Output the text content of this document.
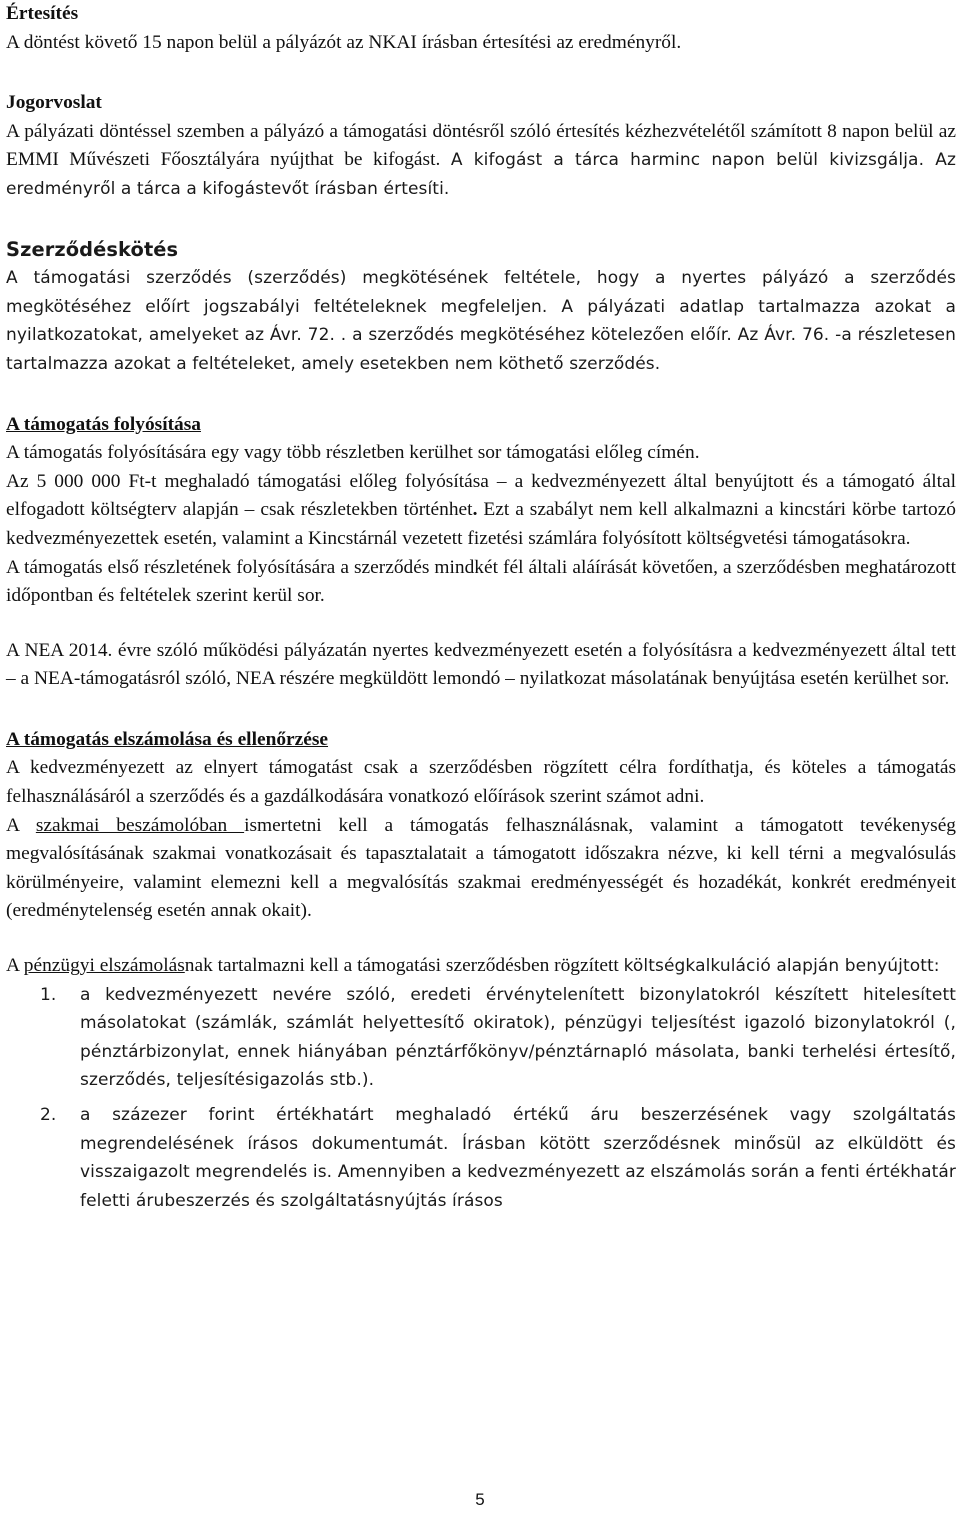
Értesítés

A döntést követő 15 napon belül a pályázót az NKAI írásban értesítési az eredményről.

Jogorvoslat

A pályázati döntéssel szemben a pályázó a támogatási döntésről szóló értesítés kézhezvételétől számított 8 napon belül az EMMI Művészeti Főosztályára nyújthat be kifogást. A kifogást a tárca harminc napon belül kivizsgálja. Az eredményről a tárca a kifogástevőt írásban értesíti.

Szerződéskötés

A támogatási szerződés (szerződés) megkötésének feltétele, hogy a nyertes pályázó a szerződés megkötéséhez előírt jogszabályi feltételeknek megfeleljen. A pályázati adatlap tartalmazza azokat a nyilatkozatokat, amelyeket az Ávr. 72. . a szerződés megkötéséhez kötelezően előír. Az Ávr. 76. -a részletesen tartalmazza azokat a feltételeket, amely esetekben nem köthető szerződés.

A támogatás folyósítása

A támogatás folyósítására egy vagy több részletben kerülhet sor támogatási előleg címén.

Az 5 000 000 Ft-t meghaladó támogatási előleg folyósítása – a kedvezményezett által benyújtott és a támogató által elfogadott költségterv alapján – csak részletekben történhet. Ezt a szabályt nem kell alkalmazni a kincstári körbe tartozó kedvezményezettek esetén, valamint a Kincstárnál vezetett fizetési számlára folyósított költségvetési támogatásokra.

A támogatás első részletének folyósítására a szerződés mindkét fél általi aláírását követően, a szerződésben meghatározott időpontban és feltételek szerint kerül sor.

A NEA 2014. évre szóló működési pályázatán nyertes kedvezményezett esetén a folyósításra a kedvezményezett által tett – a NEA-támogatásról szóló, NEA részére megküldött lemondó – nyilatkozat másolatának benyújtása esetén kerülhet sor.

A támogatás elszámolása és ellenőrzése

A kedvezményezett az elnyert támogatást csak a szerződésben rögzített célra fordíthatja, és köteles a támogatás felhasználásáról a szerződés és a gazdálkodására vonatkozó előírások szerint számot adni.

A szakmai beszámolóban ismertetni kell a támogatás felhasználásnak, valamint a támogatott tevékenység megvalósításának szakmai vonatkozásait és tapasztalatait a támogatott időszakra nézve, ki kell térni a megvalósulás körülményeire, valamint elemezni kell a megvalósítás szakmai eredményességét és hozadékát, konkrét eredményeit (eredménytelenség esetén annak okait).

A pénzügyi elszámolásnak tartalmazni kell a támogatási szerződésben rögzített költségkalkuláció alapján benyújtott:

1. a kedvezményezett nevére szóló, eredeti érvénytelenített bizonylatokról készített hitelesített másolatokat (számlák, számlát helyettesítő okiratok), pénzügyi teljesítést igazoló bizonylatokról (, pénztárbizonylat, ennek hiányában pénztárfőkönyv/pénztárnapló másolata, banki terhelési értesítő, szerződés, teljesítésigazolás stb.).
2. a százezer forint értékhatárt meghaladó értékű áru beszerzésének vagy szolgáltatás megrendelésének írásos dokumentumát. Írásban kötött szerződésnek minősül az elküldött és visszaigazolt megrendelés is. Amennyiben a kedvezményezett az elszámolás során a fenti értékhatár feletti árubeszerzés és szolgáltatásnyújtás írásos
5
